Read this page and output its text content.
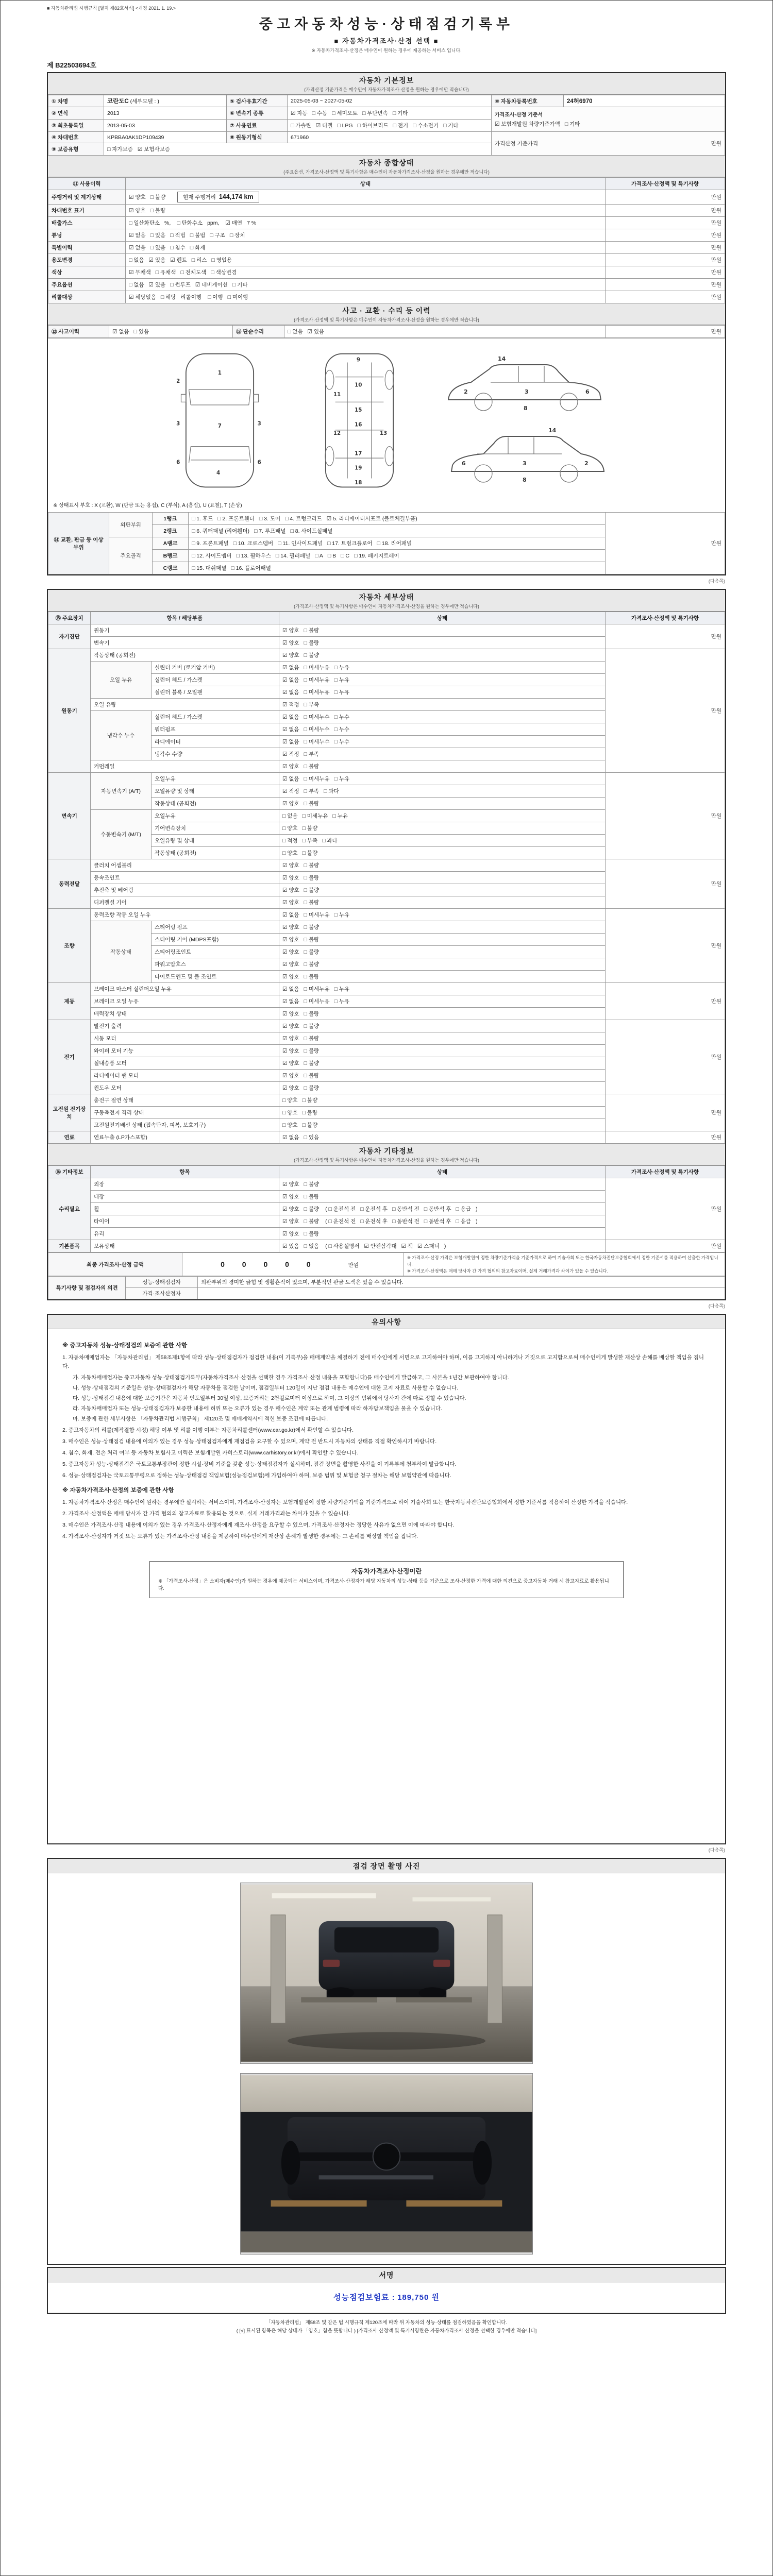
■ 자동차관리법 시행규칙 [별지 제82호서식] <개정 2021. 1. 19.>
중고자동차성능·상태점검기록부
■ 자동차가격조사·산정 선택 ■
※ 자동차가격조사·산정은 매수인이 원하는 경우에 제공하는 서비스 입니다.
제 B22503694호
자동차 기본정보
(가격산정 기준가격은 매수인이 자동차가격조사·산정을 원하는 경우에만 적습니다)
① 차명	코란도C (세부모델 : )	⑤ 검사유효기간	2025-05-03 ~ 2027-05-02	⑩ 자동차등록번호	24허6970
② 연식	2013	⑥ 변속기 종류	☑ 자동 □ 수동 □ 세미오토 □ 무단변속 □ 기타	가격조사·산정 기준서
☑ 보험개발원 차량기준가액 □ 기타	

③ 최초등록일	2013-05-03	⑦ 사용연료	□ 가솔린 ☑ 디젤 □ LPG □ 하이브리드 □ 전기 □ 수소전기 □ 기타		
④ 차대번호	KPBBA0AK1DP109439	⑧ 원동기형식	671960	가격산정 기준가격 만원	

⑨ 보증유형	□ 자가보증 ☑ 보험사보증				
자동차 종합상태
(주요옵션, 가격조사·산정액 및 특기사항은 매수인이 자동차가격조사·산정을 원하는 경우에만 적습니다)
⑪ 사용이력	상태	가격조사·산정액 및 특기사항
주행거리 및 계기상태	☑ 양호 □ 불량 현재 주행거리  144,174 km	만원
차대번호 표기	☑ 양호 □ 불량	만원
배출가스	□ 일산화탄소 %, □ 탄화수소 ppm, ☑ 매연 7 %	만원
튜닝	☑ 없음 □ 있음 □ 적법 □ 불법 □ 구조 □ 장치	만원
특별이력	☑ 없음 □ 있음 □ 침수 □ 화재	만원
용도변경	□ 없음 ☑ 있음 ☑ 렌트 □ 리스 □ 영업용	만원
색상	☑ 무채색 □ 유채색 □ 전체도색 □ 색상변경	만원
주요옵션	□ 없음 ☑ 있음 □ 썬루프 ☑ 네비게이션 □ 기타	만원
리콜대상	☑ 해당없음 □ 해당 리콜이행 □ 이행 □ 미이행	만원
사고 · 교환 · 수리 등 이력
(가격조사·산정액 및 특기사항은 매수인이 자동차가격조사·산정을 원하는 경우에만 적습니다)
⑫ 사고이력	☑ 없음 □ 있음	⑬ 단순수리	□ 없음 ☑ 있음	만원
1
2
3	7	3
6	6
4
9
10
11
15
12	13
16
17
19
18
2
14
3
8
6
2
14
3
8
6
※ 상태표시 부호 : X (교환), W (판금 또는 용접), C (부식), A (흠집), U (요철), T (손상)
⑭ 교환, 판금 등 이상 부위	외판부위	1랭크	□ 1. 후드 □ 2. 프론트휀더 □ 3. 도어 □ 4. 트렁크리드 ☑ 5. 라디에이터서포트 (볼트체결부품)	만원
		2랭크	□ 6. 쿼터패널 (리어휀더) □ 7. 루프패널 □ 8. 사이드실패널	
	주요골격	A랭크	□ 9. 프론트패널 □ 10. 크로스멤버 □ 11. 인사이드패널 □ 17. 트렁크플로어 □ 18. 리어패널	
		B랭크	□ 12. 사이드멤버 □ 13. 휠하우스 □ 14. 필러패널 □ A □ B □ C □ 19. 패키지트레이	
		C랭크	□ 15. 대쉬패널 □ 16. 플로어패널	
(다음쪽)
자동차 세부상태
(가격조사·산정액 및 특기사항은 매수인이 자동차가격조사·산정을 원하는 경우에만 적습니다)
⑮ 주요장치	항목 / 해당부품		상태	가격조사·산정액 및 특기사항
자기진단	원동기		☑ 양호 □ 불량	만원
	변속기		☑ 양호 □ 불량	
원동기	작동상태 (공회전)		☑ 양호 □ 불량	만원
	오일 누유	실린더 커버 (로커암 커버)	☑ 없음 □ 미세누유 □ 누유	
		실린더 헤드 / 가스켓	☑ 없음 □ 미세누유 □ 누유	
		실린더 블록 / 오일팬	☑ 없음 □ 미세누유 □ 누유	
	오일 유량		☑ 적정 □ 부족	
	냉각수 누수	실린더 헤드 / 가스켓	☑ 없음 □ 미세누수 □ 누수	
		워터펌프	☑ 없음 □ 미세누수 □ 누수	
		라디에이터	☑ 없음 □ 미세누수 □ 누수	
		냉각수 수량	☑ 적정 □ 부족	
	커먼레일		☑ 양호 □ 불량	
변속기	자동변속기 (A/T)	오일누유	☑ 없음 □ 미세누유 □ 누유	만원
		오일유량 및 상태	☑ 적정 □ 부족 □ 과다	
		작동상태 (공회전)	☑ 양호 □ 불량	
	수동변속기 (M/T)	오일누유	□ 없음 □ 미세누유 □ 누유	
		기어변속장치	□ 양호 □ 불량	
		오일유량 및 상태	□ 적정 □ 부족 □ 과다	
		작동상태 (공회전)	□ 양호 □ 불량	
동력전달	클러치 어셈블리		☑ 양호 □ 불량	만원
	등속조인트		☑ 양호 □ 불량	
	추진축 및 베어링		☑ 양호 □ 불량	
	디퍼렌셜 기어		☑ 양호 □ 불량	
조향	동력조향 작동 오일 누유		☑ 없음 □ 미세누유 □ 누유	만원
	작동상태	스티어링 펌프	☑ 양호 □ 불량	
		스티어링 기어 (MDPS포함)	☑ 양호 □ 불량	
		스티어링조인트	☑ 양호 □ 불량	
		파워고압호스	☑ 양호 □ 불량	
		타이로드엔드 및 볼 조인트	☑ 양호 □ 불량	
제동	브레이크 마스터 실린더오일 누유		☑ 없음 □ 미세누유 □ 누유	만원
	브레이크 오일 누유		☑ 없음 □ 미세누유 □ 누유	
	배력장치 상태		☑ 양호 □ 불량	
전기	발전기 출력		☑ 양호 □ 불량	만원
	시동 모터		☑ 양호 □ 불량	
	와이퍼 모터 기능		☑ 양호 □ 불량	
	실내송풍 모터		☑ 양호 □ 불량	
	라디에이터 팬 모터		☑ 양호 □ 불량	
	윈도우 모터		☑ 양호 □ 불량	
고전원 전기장치	충전구 절연 상태		□ 양호 □ 불량	만원
	구동축전지 격리 상태		□ 양호 □ 불량	
	고전원전기배선 상태 (접속단자, 피복, 보호기구)		□ 양호 □ 불량	
연료	연료누출 (LP가스포함)		☑ 없음 □ 있음	만원
자동차 기타정보
(가격조사·산정액 및 특기사항은 매수인이 자동차가격조사·산정을 원하는 경우에만 적습니다)
⑯ 기타정보	항목	상태	가격조사·산정액 및 특기사항
수리필요	외장	☑ 양호 □ 불량	만원
	내장	☑ 양호 □ 불량	
	휠	☑ 양호 □ 불량 ( □ 운전석 전 □ 운전석 후 □ 동반석 전 □ 동반석 후 □ 응급 )	
	타이어	☑ 양호 □ 불량 ( □ 운전석 전 □ 운전석 후 □ 동반석 전 □ 동반석 후 □ 응급 )	
	유리	☑ 양호 □ 불량	
기본품목	보유상태	☑ 있음 □ 없음 ( □ 사용설명서 ☑ 안전삼각대 ☑ 잭 ☑ 스패너 )	만원
최종 가격조사·산정 금액	0 0 0 0 0	만원	
※ 가격조사·산정 가격은 보험개발원이 정한 차량기준가액을 기준가격으로 하여 기술사회 또는 한국자동차진단보증협회에서 정한 기준서를 적용하여 산출한 가격입니다.
※ 가격조사·산정액은 매매 당사자 간 가격 협의의 참고자료이며, 실제 거래가격과 차이가 있을 수 있습니다.
특기사항 및 점검자의 의견	성능·상태점검자	외판부위의 경미한 긁힘 및 생활흔적이 있으며, 부분적인 판금 도색은 있을 수 있습니다.
	가격·조사산정자	
(다음쪽)
유의사항

※ 중고자동차 성능·상태점검의 보증에 관한 사항

1. 자동차매매업자는 「자동차관리법」 제58조제1항에 따라 성능·상태점검자가 점검한 내용(이 기록부)을 매매계약을 체결하기 전에 매수인에게 서면으로 고지하여야 하며, 이를 고지하지 아니하거나 거짓으로 고지함으로써 매수인에게 발생한 재산상 손해를 배상할 책임을 집니다.

가. 자동차매매업자는 중고자동차 성능·상태점검기록부(자동차가격조사·산정을 선택한 경우 가격조사·산정 내용을 포함합니다)를 매수인에게 발급하고, 그 사본을 1년간 보관하여야 합니다.

나. 성능·상태점검의 기준일은 성능·상태점검자가 해당 자동차를 점검한 날이며, 점검일부터 120일이 지난 점검 내용은 매수인에 대한 고지 자료로 사용할 수 없습니다.

다. 성능·상태점검 내용에 대한 보증기간은 자동차 인도일부터 30일 이상, 보증거리는 2천킬로미터 이상으로 하며, 그 이상의 범위에서 당사자 간에 따로 정할 수 있습니다.

라. 자동차매매업자 또는 성능·상태점검자가 보증한 내용에 허위 또는 오류가 있는 경우 매수인은 계약 또는 관계 법령에 따라 하자담보책임을 물을 수 있습니다.

마. 보증에 관한 세부사항은 「자동차관리법 시행규칙」 제120조 및 매매계약서에 적힌 보증 조건에 따릅니다.

2. 중고자동차의 리콜(제작결함 시정) 해당 여부 및 리콜 이행 여부는 자동차리콜센터(www.car.go.kr)에서 확인할 수 있습니다.

3. 매수인은 성능·상태점검 내용에 이의가 있는 경우 성능·상태점검자에게 재점검을 요구할 수 있으며, 계약 전 반드시 자동차의 상태를 직접 확인하시기 바랍니다.

4. 침수, 화재, 전손 처리 여부 등 자동차 보험사고 이력은 보험개발원 카히스토리(www.carhistory.or.kr)에서 확인할 수 있습니다.

5. 중고자동차 성능·상태점검은 국토교통부장관이 정한 시설·장비 기준을 갖춘 성능·상태점검자가 실시하며, 점검 장면을 촬영한 사진을 이 기록부에 첨부하여 발급합니다.

6. 성능·상태점검자는 국토교통부령으로 정하는 성능·상태점검 책임보험(성능점검보험)에 가입하여야 하며, 보증 범위 및 보험금 청구 절차는 해당 보험약관에 따릅니다.

※ 자동차가격조사·산정의 보증에 관한 사항

1. 자동차가격조사·산정은 매수인이 원하는 경우에만 실시하는 서비스이며, 가격조사·산정자는 보험개발원이 정한 차량기준가액을 기준가격으로 하여 기술사회 또는 한국자동차진단보증협회에서 정한 기준서를 적용하여 산정한 가격을 적습니다.

2. 가격조사·산정액은 매매 당사자 간 가격 협의의 참고자료로 활용되는 것으로, 실제 거래가격과는 차이가 있을 수 있습니다.

3. 매수인은 가격조사·산정 내용에 이의가 있는 경우 가격조사·산정자에게 재조사·산정을 요구할 수 있으며, 가격조사·산정자는 정당한 사유가 없으면 이에 따라야 합니다.

4. 가격조사·산정자가 거짓 또는 오류가 있는 가격조사·산정 내용을 제공하여 매수인에게 재산상 손해가 발생한 경우에는 그 손해를 배상할 책임을 집니다.

자동차가격조사·산정이란
※ 「가격조사·산정」은 소비자(매수인)가 원하는 경우에 제공되는 서비스이며, 가격조사·산정자가 해당 자동차의 성능·상태 등을 기준으로 조사·산정한 가격에 대한 의견으로 중고자동차 거래 시 참고자료로 활용됩니다.
(다음쪽)
점검 장면 촬영 사진
서명
성능점검보험료 : 189,750 원
「자동차관리법」 제58조 및 같은 법 시행규칙 제120조에 따라 위 자동차의 성능·상태를 점검하였음을 확인합니다.
( [√] 표시된 항목은 해당 상태가 「양호」함을 뜻합니다 ) [가격조사·산정액 및 특기사항란은 자동차가격조사·산정을 선택한 경우에만 적습니다]
